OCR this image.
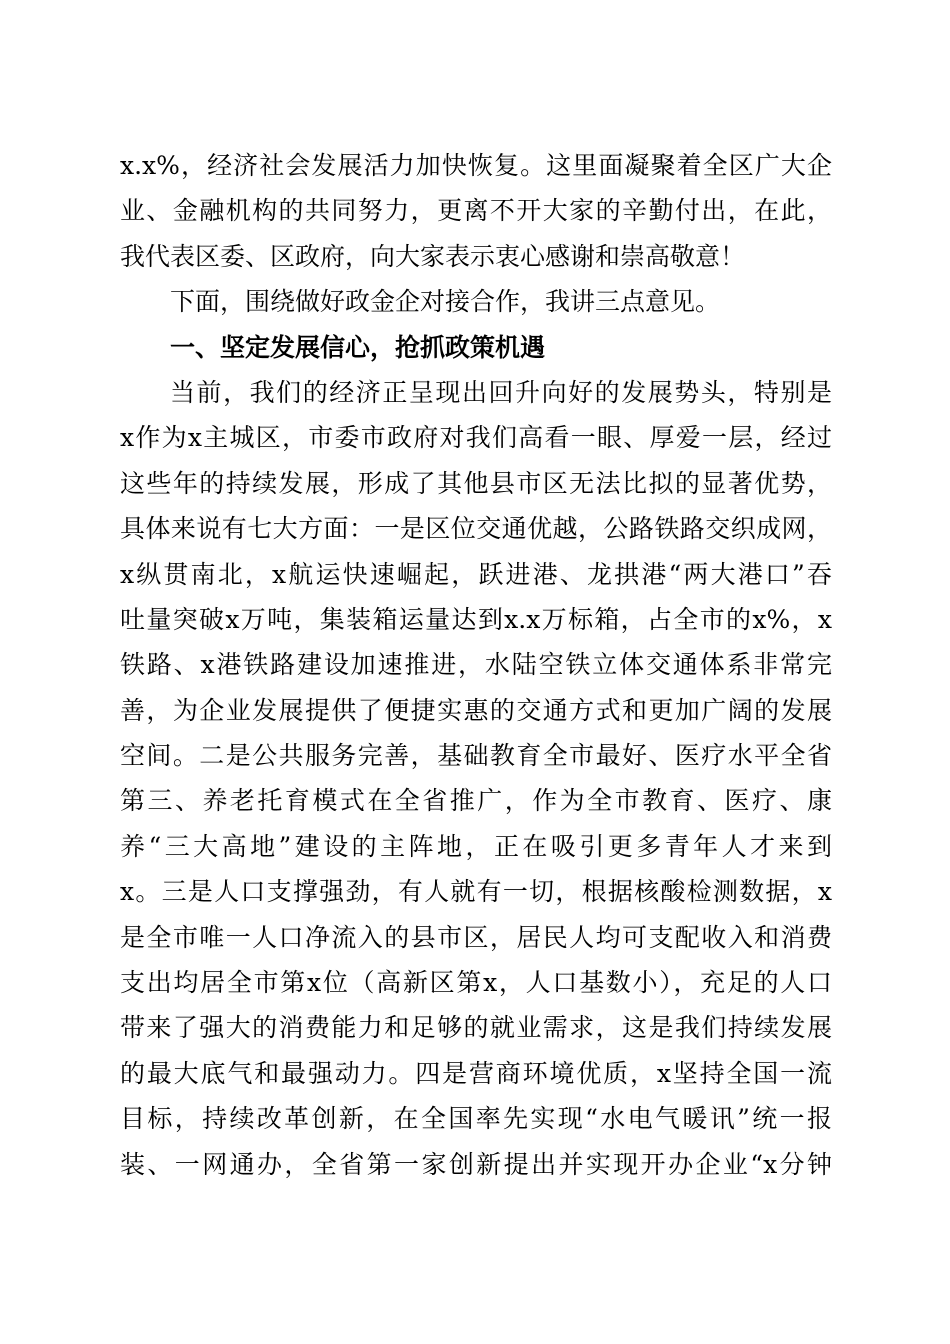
x.x%，经济社会发展活力加快恢复。这里面凝聚着全区广大企
业、金融机构的共同努力，更离不开大家的辛勤付出，在此，
我代表区委、区政府，向大家表示衷心感谢和崇高敬意！
下面，围绕做好政金企对接合作，我讲三点意见。
一、坚定发展信心，抢抓政策机遇
当前，我们的经济正呈现出回升向好的发展势头，特别是
x作为x主城区，市委市政府对我们高看一眼、厚爱一层，经过
这些年的持续发展，形成了其他县市区无法比拟的显著优势，
具体来说有七大方面：一是区位交通优越，公路铁路交织成网，
x纵贯南北，x航运快速崛起，跃进港、龙拱港“两大港口”吞
吐量突破x万吨，集装箱运量达到x.x万标箱，占全市的x%，x
铁路、x港铁路建设加速推进，水陆空铁立体交通体系非常完
善，为企业发展提供了便捷实惠的交通方式和更加广阔的发展
空间。二是公共服务完善，基础教育全市最好、医疗水平全省
第三、养老托育模式在全省推广，作为全市教育、医疗、康
养“三大高地”建设的主阵地，正在吸引更多青年人才来到
x。三是人口支撑强劲，有人就有一切，根据核酸检测数据，x
是全市唯一人口净流入的县市区，居民人均可支配收入和消费
支出均居全市第x位（高新区第x，人口基数小），充足的人口
带来了强大的消费能力和足够的就业需求，这是我们持续发展
的最大底气和最强动力。四是营商环境优质，x坚持全国一流
目标，持续改革创新，在全国率先实现“水电气暖讯”统一报
装、一网通办，全省第一家创新提出并实现开办企业“x分钟
